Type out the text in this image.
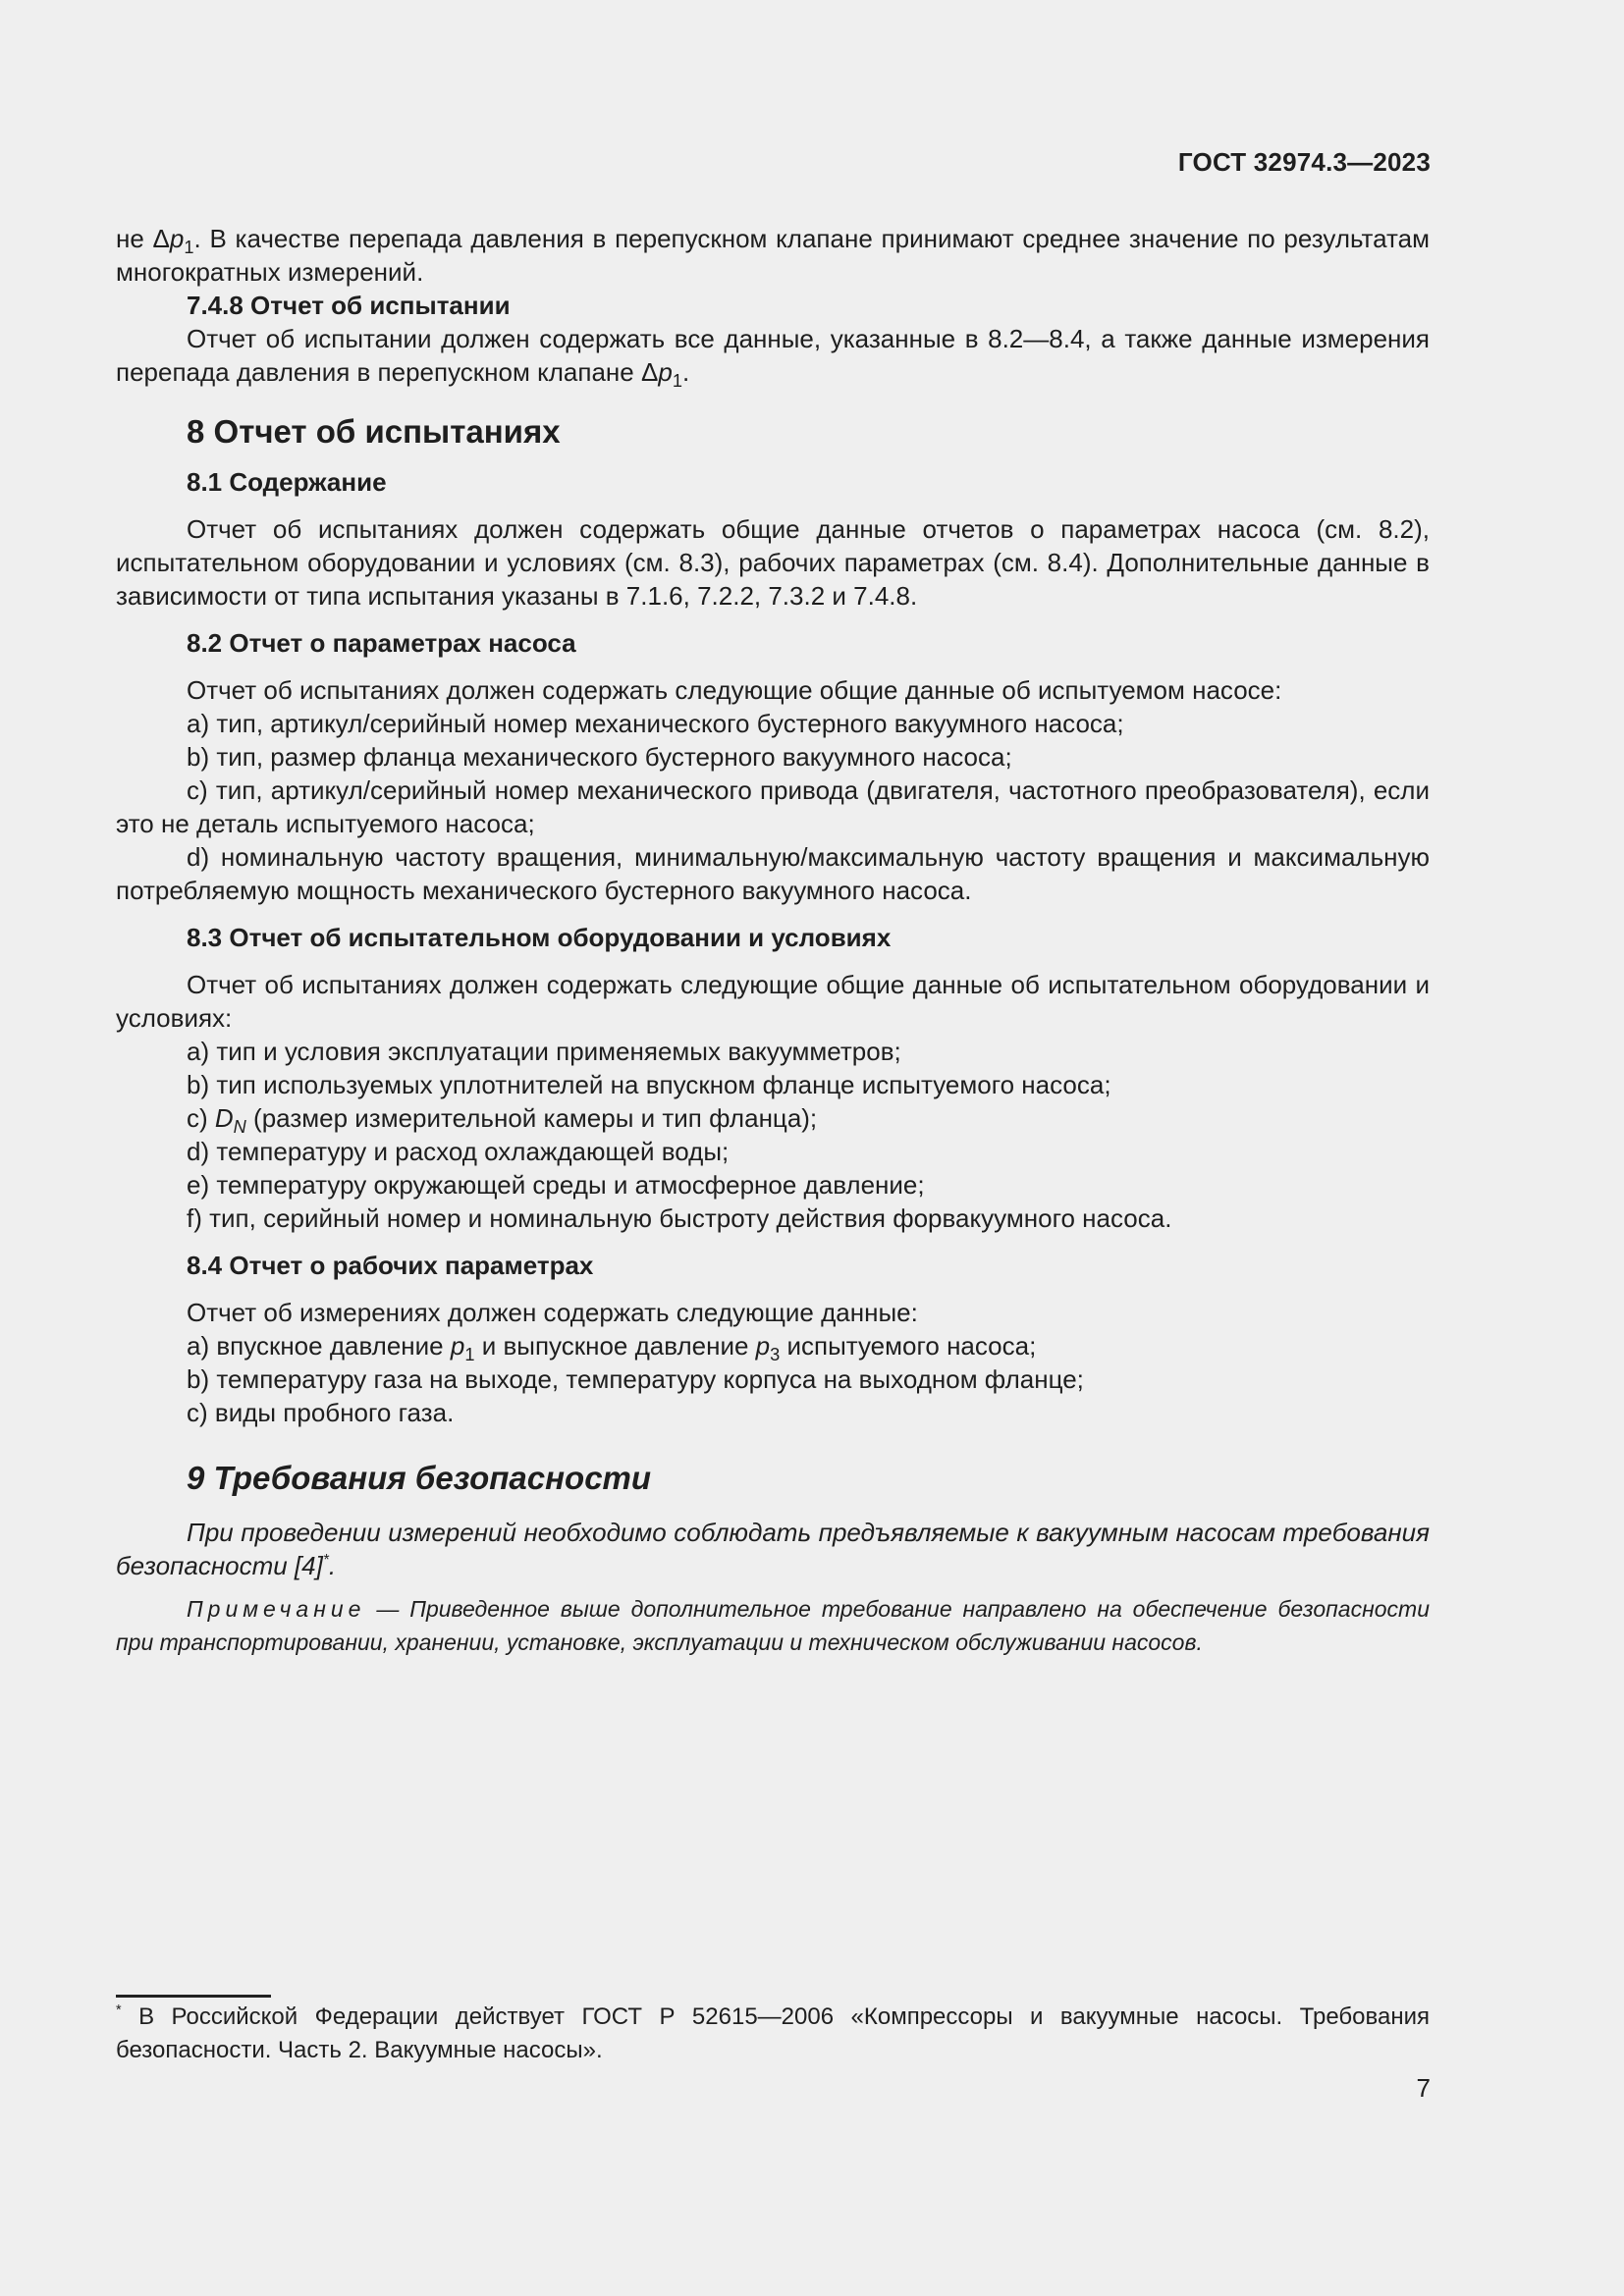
ГОСТ 32974.3—2023

не $\Delta p_1$. В качестве перепада давления в перепускном клапане принимают среднее значение по результатам многократных измерений.

7.4.8 Отчет об испытании

Отчет об испытании должен содержать все данные, указанные в 8.2—8.4, а также данные измерения перепада давления в перепускном клапане $\Delta p_1$.

8 Отчет об испытаниях

8.1 Содержание

Отчет об испытаниях должен содержать общие данные отчетов о параметрах насоса (см. 8.2), испытательном оборудовании и условиях (см. 8.3), рабочих параметрах (см. 8.4). Дополнительные данные в зависимости от типа испытания указаны в 7.1.6, 7.2.2, 7.3.2 и 7.4.8.

8.2 Отчет о параметрах насоса

Отчет об испытаниях должен содержать следующие общие данные об испытуемом насосе:

a) тип, артикул/серийный номер механического бустерного вакуумного насоса;

b) тип, размер фланца механического бустерного вакуумного насоса;

c) тип, артикул/серийный номер механического привода (двигателя, частотного преобразователя), если это не деталь испытуемого насоса;

d) номинальную частоту вращения, минимальную/максимальную частоту вращения и максимальную потребляемую мощность механического бустерного вакуумного насоса.

8.3 Отчет об испытательном оборудовании и условиях

Отчет об испытаниях должен содержать следующие общие данные об испытательном оборудовании и условиях:

a) тип и условия эксплуатации применяемых вакуумметров;

b) тип используемых уплотнителей на впускном фланце испытуемого насоса;

c) $D_N$ (размер измерительной камеры и тип фланца);

d) температуру и расход охлаждающей воды;

e) температуру окружающей среды и атмосферное давление;

f) тип, серийный номер и номинальную быстроту действия форвакуумного насоса.

8.4 Отчет о рабочих параметрах

Отчет об измерениях должен содержать следующие данные:

a) впускное давление $p_1$ и выпускное давление $p_3$ испытуемого насоса;

b) температуру газа на выходе, температуру корпуса на выходном фланце;

c) виды пробного газа.

9 Требования безопасности

При проведении измерений необходимо соблюдать предъявляемые к вакуумным насосам требования безопасности [4]*.

Примечание — Приведенное выше дополнительное требование направлено на обеспечение безопасности при транспортировании, хранении, установке, эксплуатации и техническом обслуживании насосов.

* В Российской Федерации действует ГОСТ Р 52615—2006 «Компрессоры и вакуумные насосы. Требования безопасности. Часть 2. Вакуумные насосы».
7
